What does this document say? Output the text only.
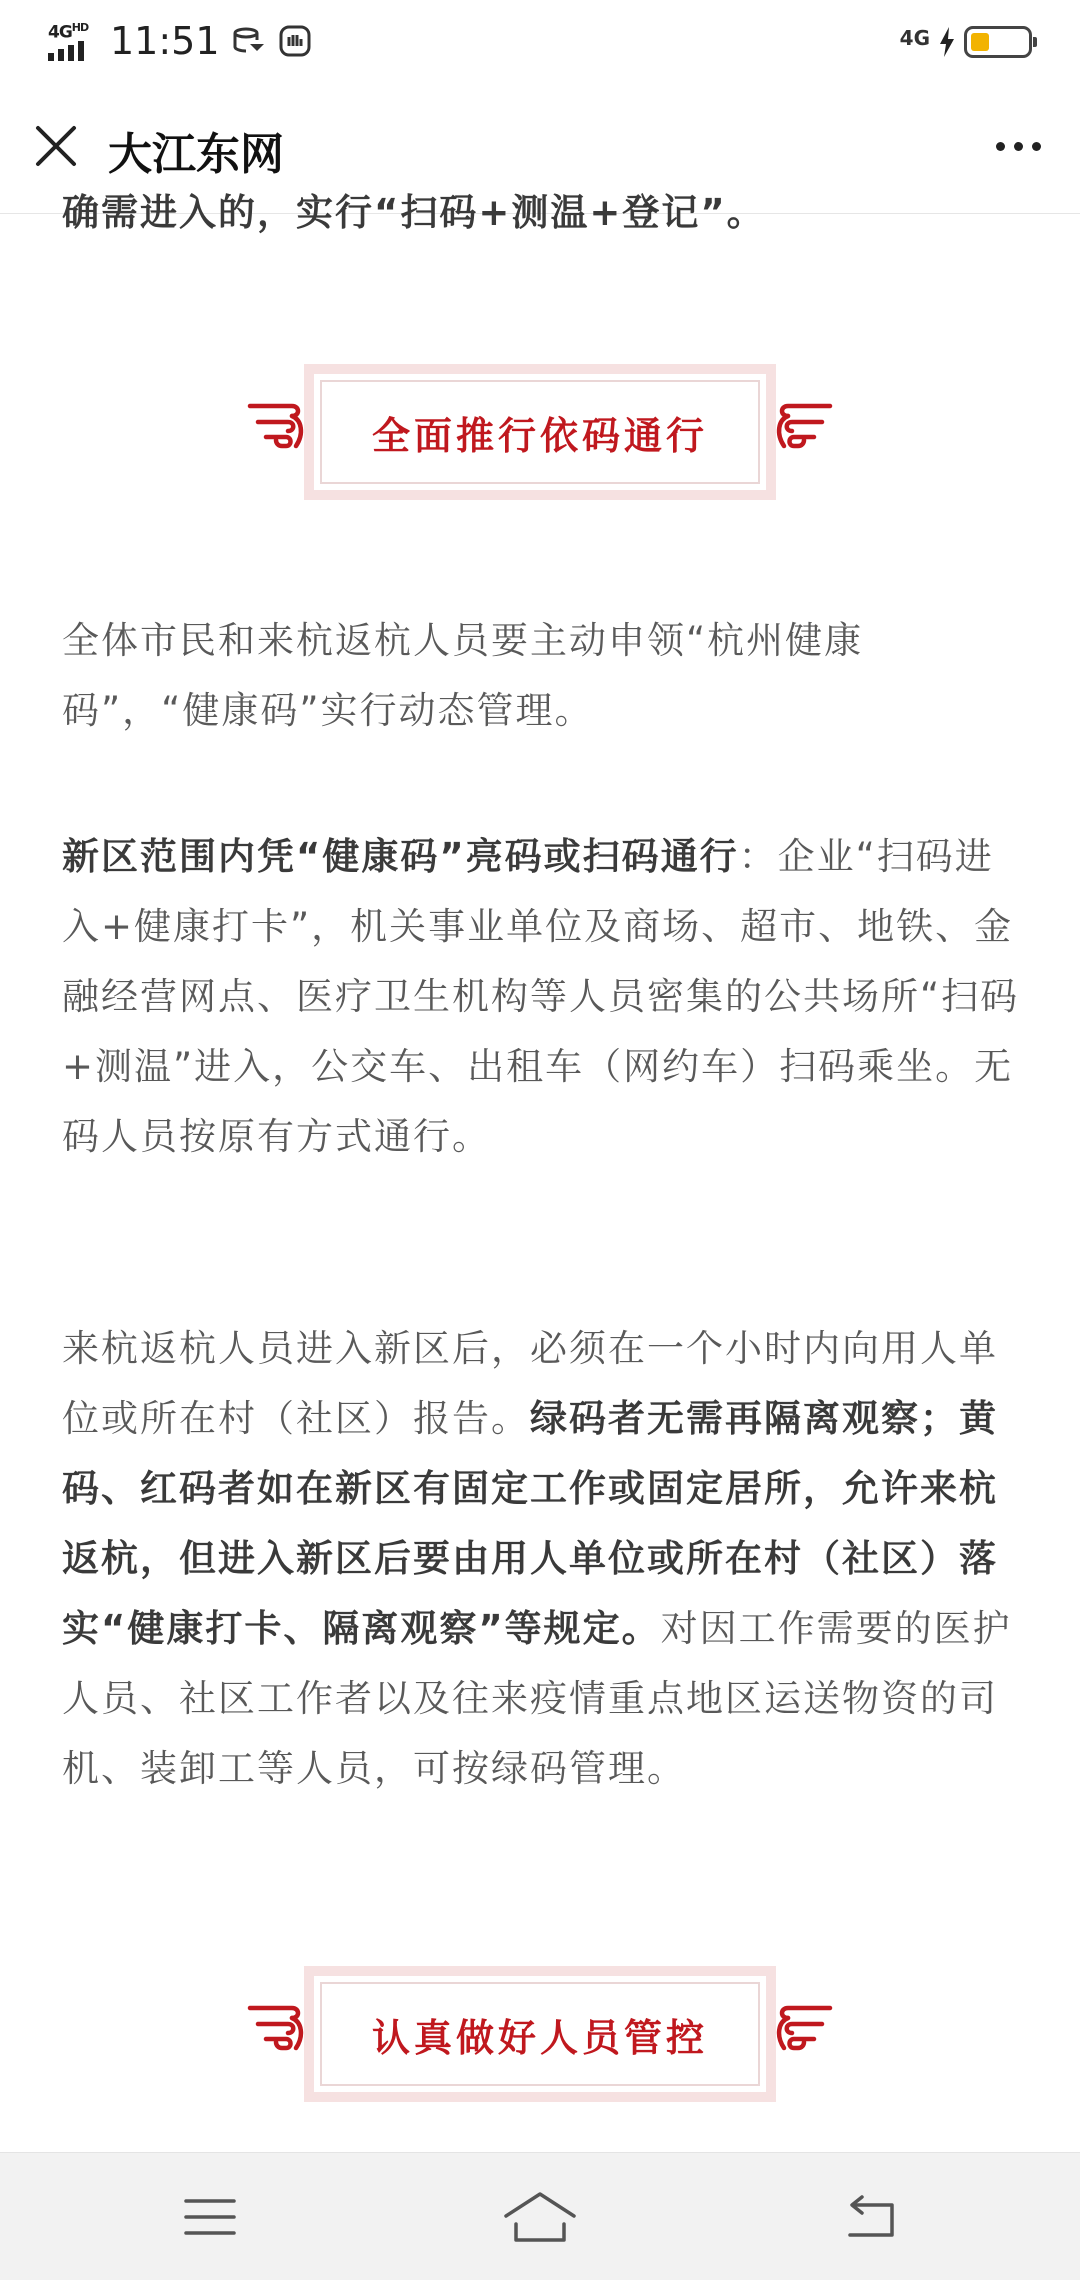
$4G^{HD}$ 11:51	4G
大江东网
确需进入的，实行“扫码+测温+登记”。
全面推行依码通行
全体市民和来杭返杭人员要主动申领“杭州健康码”，“健康码”实行动态管理。
新区范围内凭“健康码”亮码或扫码通行：企业“扫码进入+健康打卡”，机关事业单位及商场、超市、地铁、金融经营网点、医疗卫生机构等人员密集的公共场所“扫码+测温”进入，公交车、出租车（网约车）扫码乘坐。无码人员按原有方式通行。
来杭返杭人员进入新区后，必须在一个小时内向用人单位或所在村（社区）报告。绿码者无需再隔离观察；黄码、红码者如在新区有固定工作或固定居所，允许来杭返杭，但进入新区后要由用人单位或所在村（社区）落实“健康打卡、隔离观察”等规定。对因工作需要的医护人员、社区工作者以及往来疫情重点地区运送物资的司机、装卸工等人员，可按绿码管理。
认真做好人员管控
